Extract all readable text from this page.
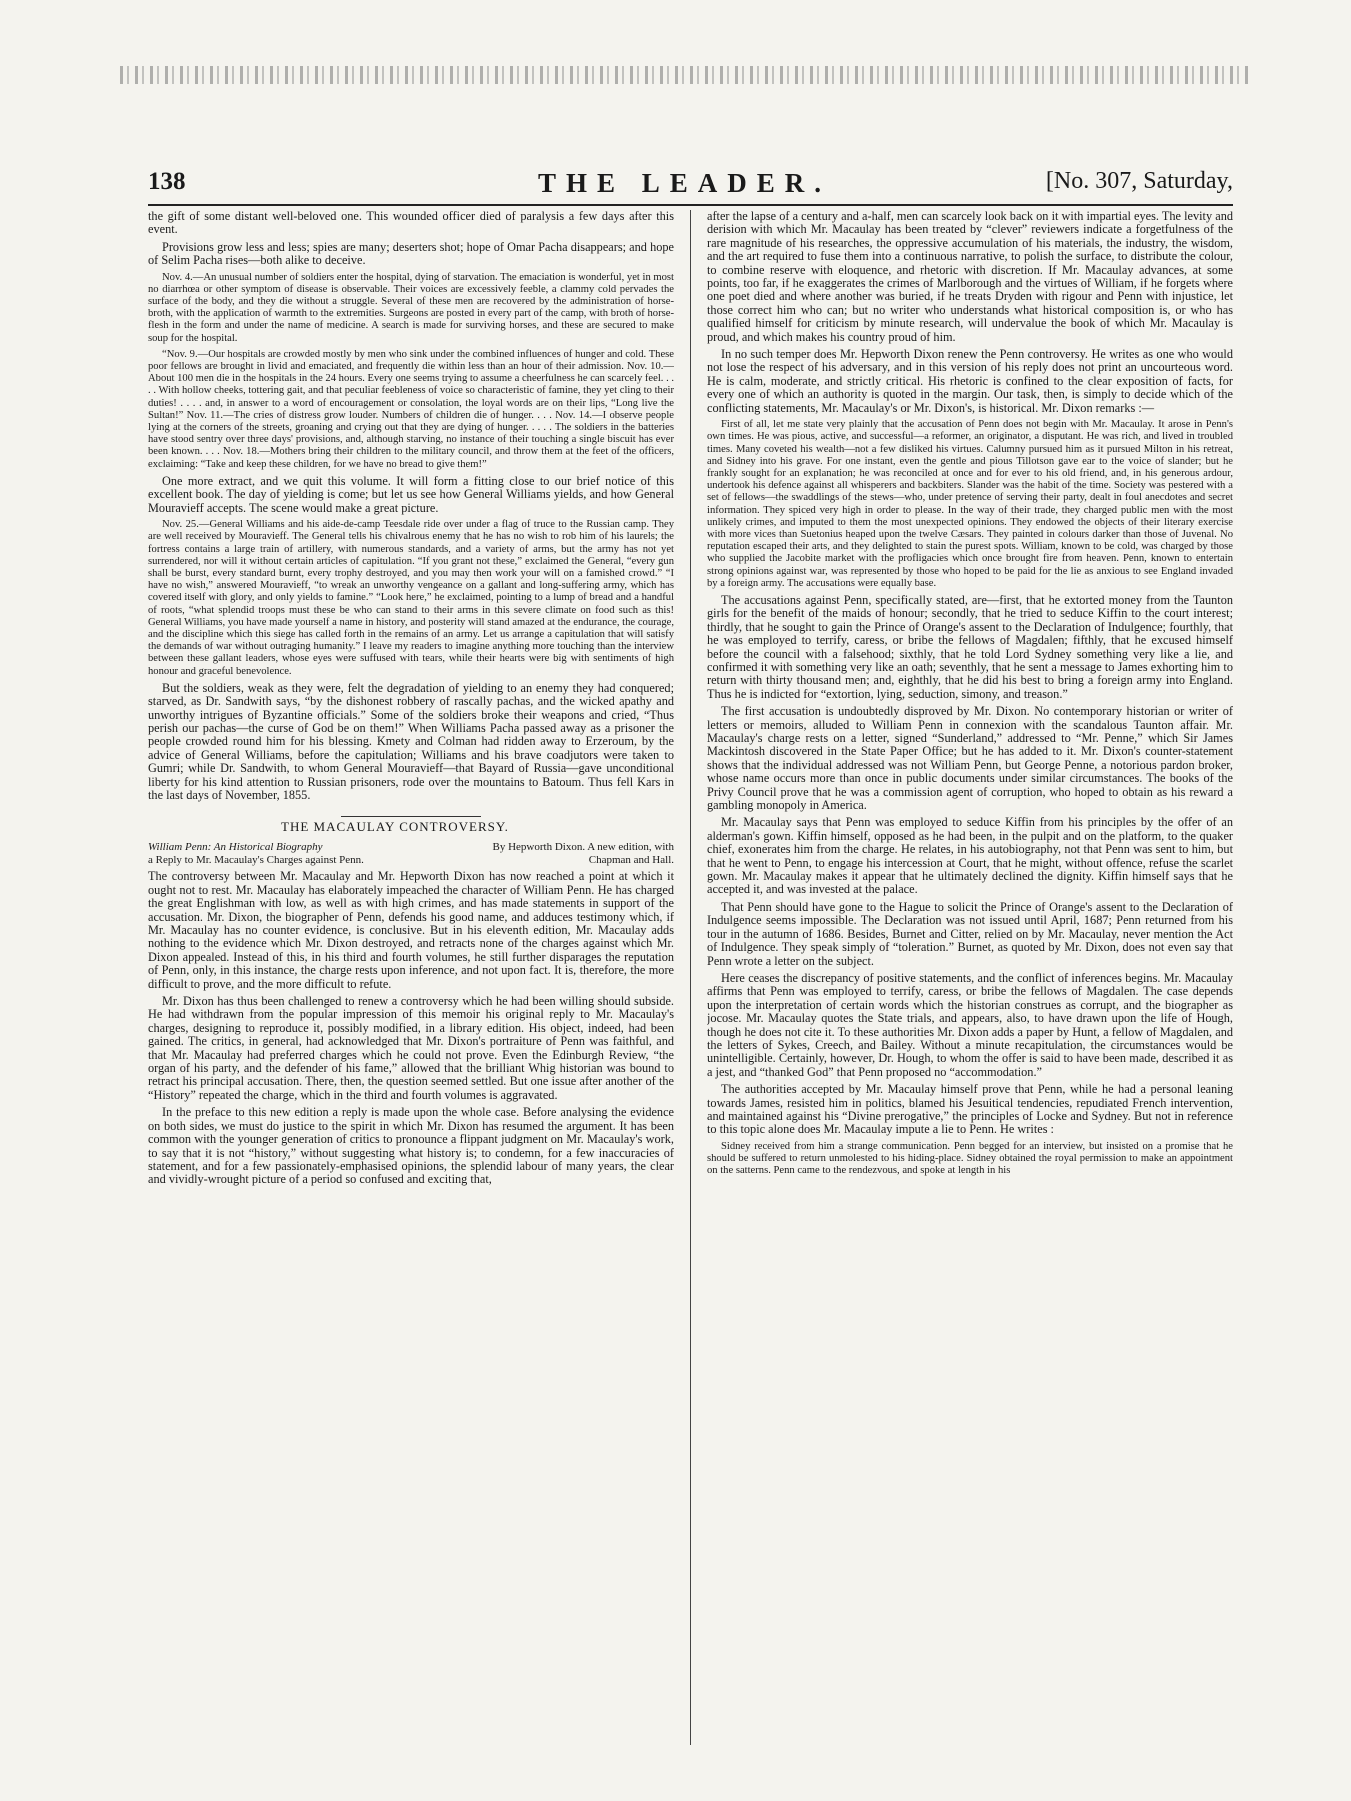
138	THE LEADER.	[No. 307, Saturday,

the gift of some distant well-beloved one. This wounded officer died of paralysis a few days after this event.

Provisions grow less and less; spies are many; deserters shot; hope of Omar Pacha disappears; and hope of Selim Pacha rises—both alike to deceive.

Nov. 4.—An unusual number of soldiers enter the hospital, dying of starvation. The emaciation is wonderful, yet in most no diarrhœa or other symptom of disease is observable. Their voices are excessively feeble, a clammy cold pervades the surface of the body, and they die without a struggle. Several of these men are recovered by the administration of horse-broth, with the application of warmth to the extremities. Surgeons are posted in every part of the camp, with broth of horse-flesh in the form and under the name of medicine. A search is made for surviving horses, and these are secured to make soup for the hospital.

“Nov. 9.—Our hospitals are crowded mostly by men who sink under the combined influences of hunger and cold. These poor fellows are brought in livid and emaciated, and frequently die within less than an hour of their admission. Nov. 10.—About 100 men die in the hospitals in the 24 hours. Every one seems trying to assume a cheerfulness he can scarcely feel. . . . . With hollow cheeks, tottering gait, and that peculiar feebleness of voice so characteristic of famine, they yet cling to their duties! . . . . and, in answer to a word of encouragement or consolation, the loyal words are on their lips, “Long live the Sultan!” Nov. 11.—The cries of distress grow louder. Numbers of children die of hunger. . . . Nov. 14.—I observe people lying at the corners of the streets, groaning and crying out that they are dying of hunger. . . . . The soldiers in the batteries have stood sentry over three days' provisions, and, although starving, no instance of their touching a single biscuit has ever been known. . . . Nov. 18.—Mothers bring their children to the military council, and throw them at the feet of the officers, exclaiming: “Take and keep these children, for we have no bread to give them!”

One more extract, and we quit this volume. It will form a fitting close to our brief notice of this excellent book. The day of yielding is come; but let us see how General Williams yields, and how General Mouravieff accepts. The scene would make a great picture.

Nov. 25.—General Williams and his aide-de-camp Teesdale ride over under a flag of truce to the Russian camp. They are well received by Mouravieff. The General tells his chivalrous enemy that he has no wish to rob him of his laurels; the fortress contains a large train of artillery, with numerous standards, and a variety of arms, but the army has not yet surrendered, nor will it without certain articles of capitulation. “If you grant not these,” exclaimed the General, “every gun shall be burst, every standard burnt, every trophy destroyed, and you may then work your will on a famished crowd.” “I have no wish,” answered Mouravieff, “to wreak an unworthy vengeance on a gallant and long-suffering army, which has covered itself with glory, and only yields to famine.” “Look here,” he exclaimed, pointing to a lump of bread and a handful of roots, “what splendid troops must these be who can stand to their arms in this severe climate on food such as this! General Williams, you have made yourself a name in history, and posterity will stand amazed at the endurance, the courage, and the discipline which this siege has called forth in the remains of an army. Let us arrange a capitulation that will satisfy the demands of war without outraging humanity.” I leave my readers to imagine anything more touching than the interview between these gallant leaders, whose eyes were suffused with tears, while their hearts were big with sentiments of high honour and graceful benevolence.

But the soldiers, weak as they were, felt the degradation of yielding to an enemy they had conquered; starved, as Dr. Sandwith says, “by the dishonest robbery of rascally pachas, and the wicked apathy and unworthy intrigues of Byzantine officials.” Some of the soldiers broke their weapons and cried, “Thus perish our pachas—the curse of God be on them!” When Williams Pacha passed away as a prisoner the people crowded round him for his blessing. Kmety and Colman had ridden away to Erzeroum, by the advice of General Williams, before the capitulation; Williams and his brave coadjutors were taken to Gumri; while Dr. Sandwith, to whom General Mouravieff—that Bayard of Russia—gave unconditional liberty for his kind attention to Russian prisoners, rode over the mountains to Batoum. Thus fell Kars in the last days of November, 1855.

THE MACAULAY CONTROVERSY.
William Penn: An Historical Biography	By Hepworth Dixon. A new edition, with
a Reply to Mr. Macaulay's Charges against Penn.	Chapman and Hall.

The controversy between Mr. Macaulay and Mr. Hepworth Dixon has now reached a point at which it ought not to rest. Mr. Macaulay has elaborately impeached the character of William Penn. He has charged the great Englishman with low, as well as with high crimes, and has made statements in support of the accusation. Mr. Dixon, the biographer of Penn, defends his good name, and adduces testimony which, if Mr. Macaulay has no counter evidence, is conclusive. But in his eleventh edition, Mr. Macaulay adds nothing to the evidence which Mr. Dixon destroyed, and retracts none of the charges against which Mr. Dixon appealed. Instead of this, in his third and fourth volumes, he still further disparages the reputation of Penn, only, in this instance, the charge rests upon inference, and not upon fact. It is, therefore, the more difficult to prove, and the more difficult to refute.

Mr. Dixon has thus been challenged to renew a controversy which he had been willing should subside. He had withdrawn from the popular impression of this memoir his original reply to Mr. Macaulay's charges, designing to reproduce it, possibly modified, in a library edition. His object, indeed, had been gained. The critics, in general, had acknowledged that Mr. Dixon's portraiture of Penn was faithful, and that Mr. Macaulay had preferred charges which he could not prove. Even the Edinburgh Review, “the organ of his party, and the defender of his fame,” allowed that the brilliant Whig historian was bound to retract his principal accusation. There, then, the question seemed settled. But one issue after another of the “History” repeated the charge, which in the third and fourth volumes is aggravated.

In the preface to this new edition a reply is made upon the whole case. Before analysing the evidence on both sides, we must do justice to the spirit in which Mr. Dixon has resumed the argument. It has been common with the younger generation of critics to pronounce a flippant judgment on Mr. Macaulay's work, to say that it is not “history,” without suggesting what history is; to condemn, for a few inaccuracies of statement, and for a few passionately-emphasised opinions, the splendid labour of many years, the clear and vividly-wrought picture of a period so confused and exciting that,

after the lapse of a century and a-half, men can scarcely look back on it with impartial eyes. The levity and derision with which Mr. Macaulay has been treated by “clever” reviewers indicate a forgetfulness of the rare magnitude of his researches, the oppressive accumulation of his materials, the industry, the wisdom, and the art required to fuse them into a continuous narrative, to polish the surface, to distribute the colour, to combine reserve with eloquence, and rhetoric with discretion. If Mr. Macaulay advances, at some points, too far, if he exaggerates the crimes of Marlborough and the virtues of William, if he forgets where one poet died and where another was buried, if he treats Dryden with rigour and Penn with injustice, let those correct him who can; but no writer who understands what historical composition is, or who has qualified himself for criticism by minute research, will undervalue the book of which Mr. Macaulay is proud, and which makes his country proud of him.

In no such temper does Mr. Hepworth Dixon renew the Penn controversy. He writes as one who would not lose the respect of his adversary, and in this version of his reply does not print an uncourteous word. He is calm, moderate, and strictly critical. His rhetoric is confined to the clear exposition of facts, for every one of which an authority is quoted in the margin. Our task, then, is simply to decide which of the conflicting statements, Mr. Macaulay's or Mr. Dixon's, is historical. Mr. Dixon remarks :—

First of all, let me state very plainly that the accusation of Penn does not begin with Mr. Macaulay. It arose in Penn's own times. He was pious, active, and successful—a reformer, an originator, a disputant. He was rich, and lived in troubled times. Many coveted his wealth—not a few disliked his virtues. Calumny pursued him as it pursued Milton in his retreat, and Sidney into his grave. For one instant, even the gentle and pious Tillotson gave ear to the voice of slander; but he frankly sought for an explanation; he was reconciled at once and for ever to his old friend, and, in his generous ardour, undertook his defence against all whisperers and backbiters. Slander was the habit of the time. Society was pestered with a set of fellows—the swaddlings of the stews—who, under pretence of serving their party, dealt in foul anecdotes and secret information. They spiced very high in order to please. In the way of their trade, they charged public men with the most unlikely crimes, and imputed to them the most unexpected opinions. They endowed the objects of their literary exercise with more vices than Suetonius heaped upon the twelve Cæsars. They painted in colours darker than those of Juvenal. No reputation escaped their arts, and they delighted to stain the purest spots. William, known to be cold, was charged by those who supplied the Jacobite market with the profligacies which once brought fire from heaven. Penn, known to entertain strong opinions against war, was represented by those who hoped to be paid for the lie as anxious to see England invaded by a foreign army. The accusations were equally base.

The accusations against Penn, specifically stated, are—first, that he extorted money from the Taunton girls for the benefit of the maids of honour; secondly, that he tried to seduce Kiffin to the court interest; thirdly, that he sought to gain the Prince of Orange's assent to the Declaration of Indulgence; fourthly, that he was employed to terrify, caress, or bribe the fellows of Magdalen; fifthly, that he excused himself before the council with a falsehood; sixthly, that he told Lord Sydney something very like a lie, and confirmed it with something very like an oath; seventhly, that he sent a message to James exhorting him to return with thirty thousand men; and, eighthly, that he did his best to bring a foreign army into England. Thus he is indicted for “extortion, lying, seduction, simony, and treason.”

The first accusation is undoubtedly disproved by Mr. Dixon. No contemporary historian or writer of letters or memoirs, alluded to William Penn in connexion with the scandalous Taunton affair. Mr. Macaulay's charge rests on a letter, signed “Sunderland,” addressed to “Mr. Penne,” which Sir James Mackintosh discovered in the State Paper Office; but he has added to it. Mr. Dixon's counter-statement shows that the individual addressed was not William Penn, but George Penne, a notorious pardon broker, whose name occurs more than once in public documents under similar circumstances. The books of the Privy Council prove that he was a commission agent of corruption, who hoped to obtain as his reward a gambling monopoly in America.

Mr. Macaulay says that Penn was employed to seduce Kiffin from his principles by the offer of an alderman's gown. Kiffin himself, opposed as he had been, in the pulpit and on the platform, to the quaker chief, exonerates him from the charge. He relates, in his autobiography, not that Penn was sent to him, but that he went to Penn, to engage his intercession at Court, that he might, without offence, refuse the scarlet gown. Mr. Macaulay makes it appear that he ultimately declined the dignity. Kiffin himself says that he accepted it, and was invested at the palace.

That Penn should have gone to the Hague to solicit the Prince of Orange's assent to the Declaration of Indulgence seems impossible. The Declaration was not issued until April, 1687; Penn returned from his tour in the autumn of 1686. Besides, Burnet and Citter, relied on by Mr. Macaulay, never mention the Act of Indulgence. They speak simply of “toleration.” Burnet, as quoted by Mr. Dixon, does not even say that Penn wrote a letter on the subject.

Here ceases the discrepancy of positive statements, and the conflict of inferences begins. Mr. Macaulay affirms that Penn was employed to terrify, caress, or bribe the fellows of Magdalen. The case depends upon the interpretation of certain words which the historian construes as corrupt, and the biographer as jocose. Mr. Macaulay quotes the State trials, and appears, also, to have drawn upon the life of Hough, though he does not cite it. To these authorities Mr. Dixon adds a paper by Hunt, a fellow of Magdalen, and the letters of Sykes, Creech, and Bailey. Without a minute recapitulation, the circumstances would be unintelligible. Certainly, however, Dr. Hough, to whom the offer is said to have been made, described it as a jest, and “thanked God” that Penn proposed no “accommodation.”

The authorities accepted by Mr. Macaulay himself prove that Penn, while he had a personal leaning towards James, resisted him in politics, blamed his Jesuitical tendencies, repudiated French intervention, and maintained against his “Divine prerogative,” the principles of Locke and Sydney. But not in reference to this topic alone does Mr. Macaulay impute a lie to Penn. He writes :

Sidney received from him a strange communication. Penn begged for an interview, but insisted on a promise that he should be suffered to return unmolested to his hiding-place. Sidney obtained the royal permission to make an appointment on the satterns. Penn came to the rendezvous, and spoke at length in his
